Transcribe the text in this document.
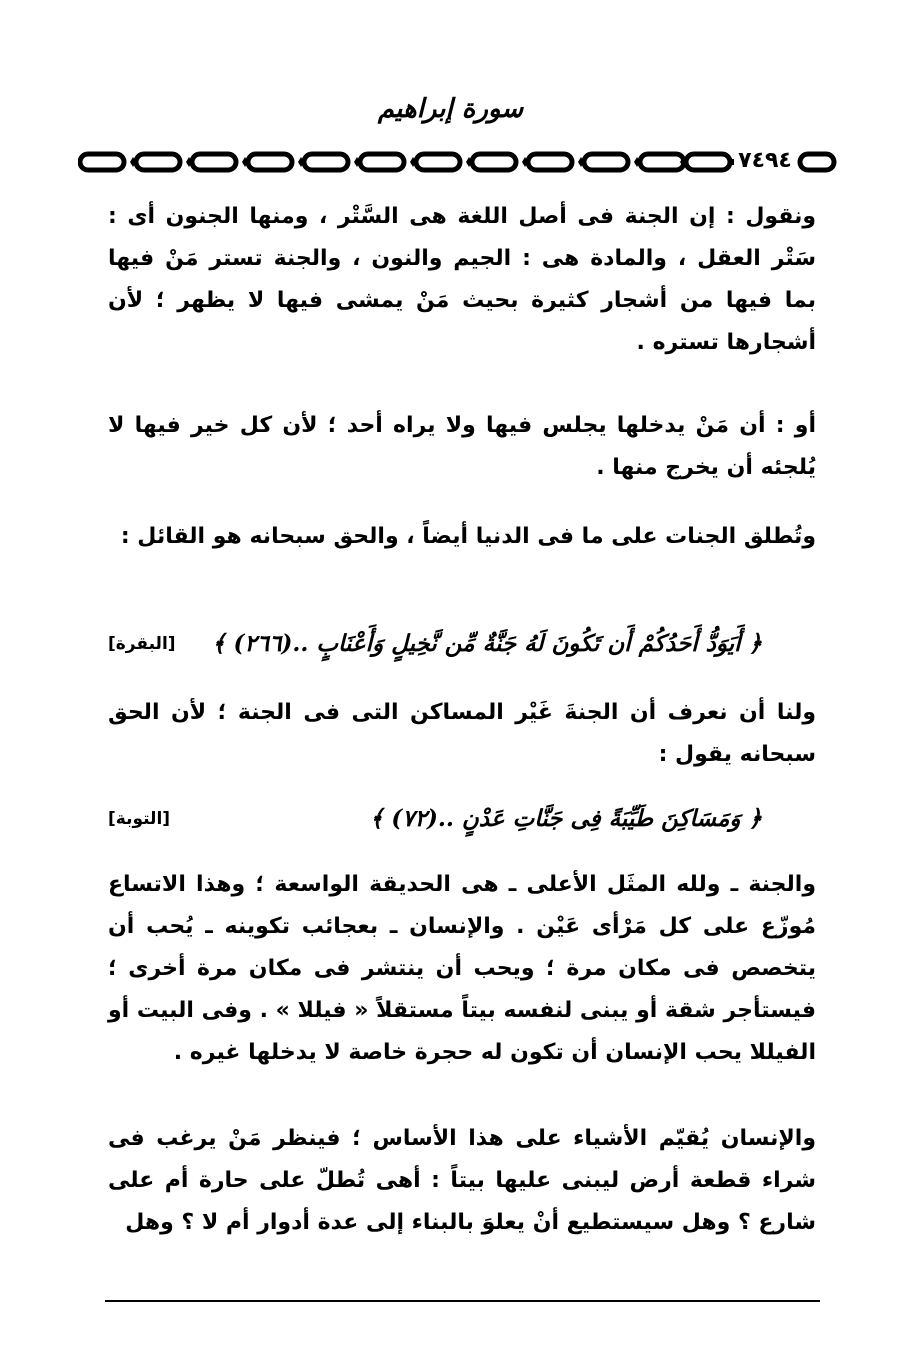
سورة إبراهيم
٧٤٩٤

ونقول : إن الجنة فى أصل اللغة هى السَّتْر ، ومنها الجنون أى : سَتْر العقل ، والمادة هى : الجيم والنون ، والجنة تستر مَنْ فيها بما فيها من أشجار كثيرة بحيث مَنْ يمشى فيها لا يظهر ؛ لأن أشجارها تستره .

أو : أن مَنْ يدخلها يجلس فيها ولا يراه أحد ؛ لأن كل خير فيها لا يُلجئه أن يخرج منها .

وتُطلق الجنات على ما فى الدنيا أيضاً ، والحق سبحانه هو القائل :

﴿ أَيَوَدُّ أَحَدُكُمْ أَن تَكُونَ لَهُ جَنَّةٌ مِّن نَّخِيلٍ وَأَعْنَابٍ ..(٢٦٦) ﴾
[البقرة]

ولنا أن نعرف أن الجنةَ غَيْر المساكن التى فى الجنة ؛ لأن الحق سبحانه يقول :

﴿ وَمَسَاكِنَ طَيِّبَةً فِى جَنَّاتِ عَدْنٍ ..(٧٢) ﴾
[التوبة]

والجنة ـ ولله المثَل الأعلى ـ هى الحديقة الواسعة ؛ وهذا الاتساع مُوزّع على كل مَرْأى عَيْن . والإنسان ـ بعجائب تكوينه ـ يُحب أن يتخصص فى مكان مرة ؛ ويحب أن ينتشر فى مكان مرة أخرى ؛ فيستأجر شقة أو يبنى لنفسه بيتاً مستقلاً « فيللا » . وفى البيت أو الفيللا يحب الإنسان أن تكون له حجرة خاصة لا يدخلها غيره .

والإنسان يُقيّم الأشياء على هذا الأساس ؛ فينظر مَنْ يرغب فى شراء قطعة أرض ليبنى عليها بيتاً : أهى تُطلّ على حارة أم على شارع ؟ وهل سيستطيع أنْ يعلوَ بالبناء إلى عدة أدوار أم لا ؟ وهل
